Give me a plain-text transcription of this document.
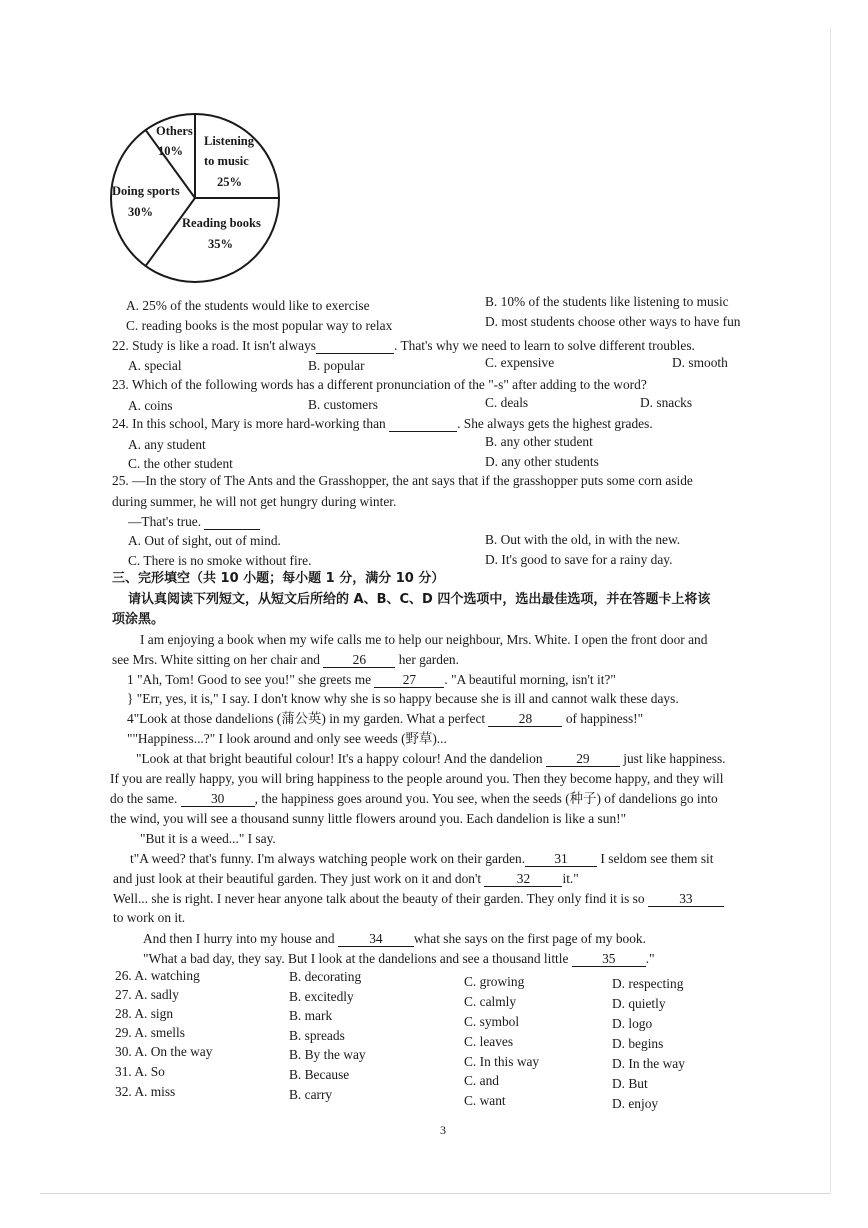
Listening
to music
25%
Reading books
35%
Doing sports
30%
Others
10%
A. 25% of the students would like to exercise	B. 10% of the students like listening to music
C. reading books is the most popular way to relax	D. most students choose other ways to have fun
22. Study is like a road. It isn't always	. That's why we need to learn to solve different troubles.
A. special	B. popular	C. expensive	D. smooth
23. Which of the following words has a different pronunciation of the "-s" after adding to the word?
A. coins	B. customers	C. deals	D. snacks
24. In this school, Mary is more hard-working than	. She always gets the highest grades.
A. any student	B. any other student
C. the other student	D. any other students
25. —In the story of The Ants and the Grasshopper, the ant says that if the grasshopper puts some corn aside
during summer, he will not get hungry during winter.
—That's true.
A. Out of sight, out of mind.	B. Out with the old, in with the new.
C. There is no smoke without fire.	D. It's good to save for a rainy day.
三、完形填空（共 10 小题；每小题 1 分，满分 10 分）
请认真阅读下列短文，从短文后所给的 A、B、C、D 四个选项中，选出最佳选项，并在答题卡上将该
项涂黑。
I am enjoying a book when my wife calls me to help our neighbour, Mrs. White. I open the front door and
see Mrs. White sitting on her chair and 26 her garden.
1 "Ah, Tom! Good to see you!" she greets me 27 . "A beautiful morning, isn't it?"
} "Err, yes, it is," I say. I don't know why she is so happy because she is ill and cannot walk these days.
4"Look at those dandelions (蒲公英) in my garden. What a perfect	28	of happiness!"
""Happiness...?" I look around and only see weeds (野草)...
"Look at that bright beautiful colour! It's a happy colour! And the dandelion	29	just like happiness.
If you are really happy, you will bring happiness to the people around you. Then they become happy, and they will
do the same.	30 , the happiness goes around you. You see, when the seeds (种子) of dandelions go into
the wind, you will see a thousand sunny little flowers around you. Each dandelion is like a sun!"
"But it is a weed..." I say.
t"A weed? that's funny. I'm always watching people work on their garden. 31 I seldom see them sit
and just look at their beautiful garden. They just work on it and don't	32 it."
Well... she is right. I never hear anyone talk about the beauty of their garden. They only find it is so	33
to work on it.
And then I hurry into my house and	34 what she says on the first page of my book.
"What a bad day, they say. But I look at the dandelions and see a thousand little	35 ."
26. A. watching	B. decorating	C. growing	D. respecting
27. A. sadly	B. excitedly	C. calmly	D. quietly
28. A. sign	B. mark	C. symbol	D. logo
29. A. smells	B. spreads	C. leaves	D. begins
30. A. On the way	B. By the way	C. In this way	D. In the way
31. A. So	B. Because	C. and	D. But
32. A. miss	B. carry	C. want	D. enjoy
3
